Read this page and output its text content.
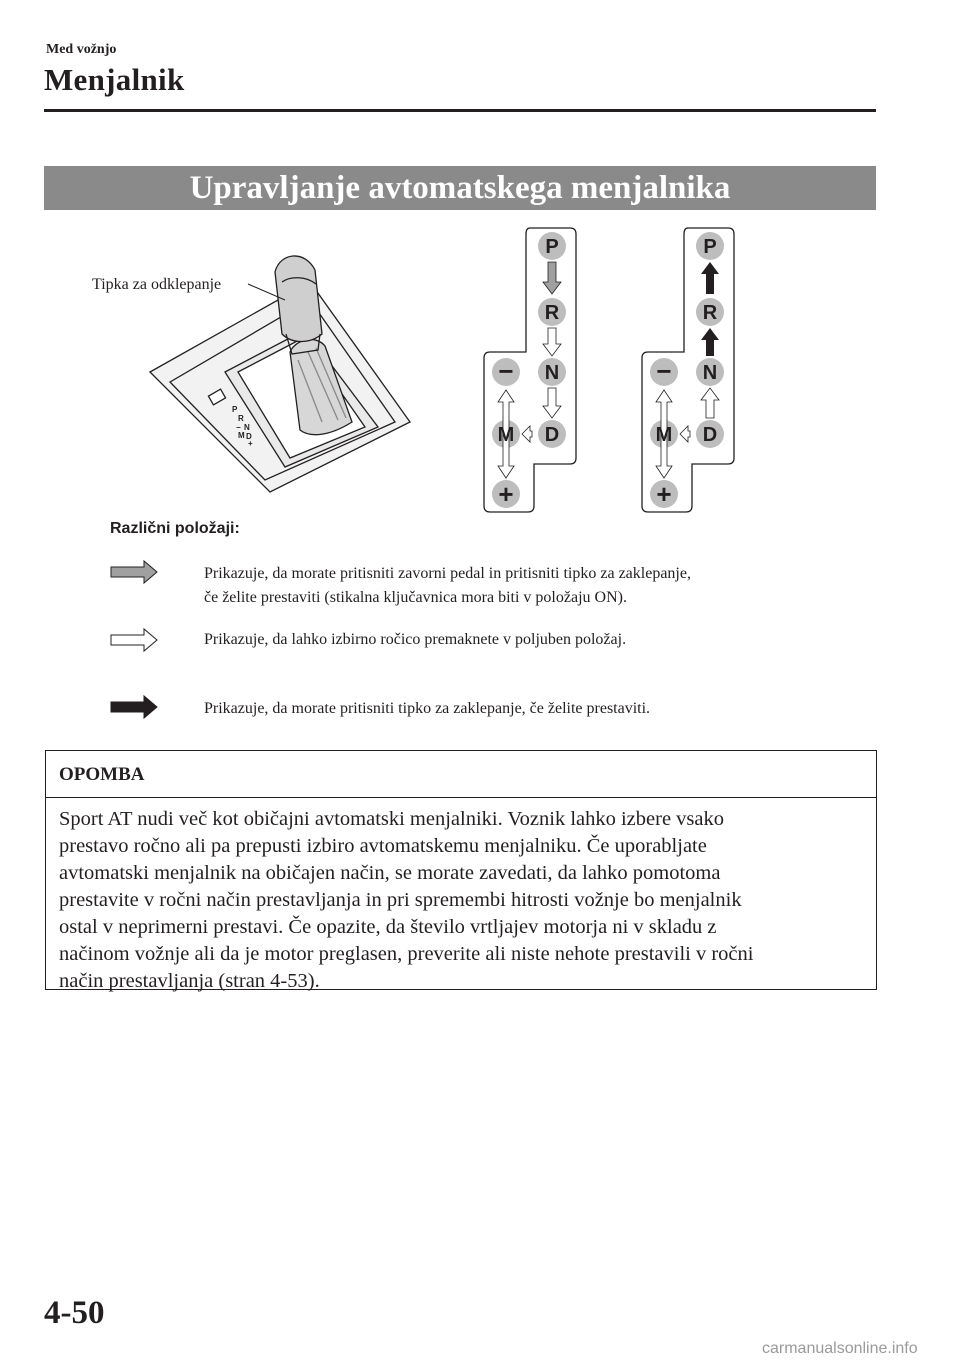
Med vožnjo
Menjalnik
Upravljanje avtomatskega menjalnika
P
R
N
D
M
+
−
P
R
N
D
M
−
+
P
R
N
D
M
−
+
Tipka za odklepanje
Različni položaji:
Prikazuje, da morate pritisniti zavorni pedal in pritisniti tipko za zaklepanje,
če želite prestaviti (stikalna ključavnica mora biti v položaju ON).
Prikazuje, da lahko izbirno ročico premaknete v poljuben položaj.
Prikazuje, da morate pritisniti tipko za zaklepanje, če želite prestaviti.
OPOMBA
Sport AT nudi več kot običajni avtomatski menjalniki. Voznik lahko izbere vsako
prestavo ročno ali pa prepusti izbiro avtomatskemu menjalniku. Če uporabljate
avtomatski menjalnik na običajen način, se morate zavedati, da lahko pomotoma
prestavite v ročni način prestavljanja in pri spremembi hitrosti vožnje bo menjalnik
ostal v neprimerni prestavi. Če opazite, da število vrtljajev motorja ni v skladu z
načinom vožnje ali da je motor preglasen, preverite ali niste nehote prestavili v ročni
način prestavljanja (stran 4-53).
4-50
carmanualsonline.info
